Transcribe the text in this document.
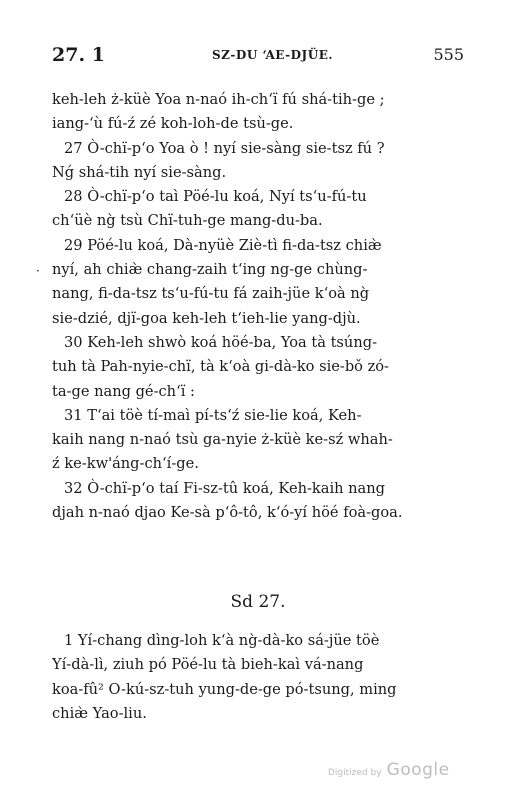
27. 1	SZ-DU ʻAE-DJÜE.	555
·
keh-leh ż-küè Yoa n-naó ih-chʻï fú shá-tih-ge ;
iang-ʻù fú-ź zé koh-loh-de tsù-ge.
27 Ò-chï-pʻo Yoa ò ! nyí sie-sàng sie-tsz fú ?
Nǵ shá-tih nyí sie-sàng.
28 Ò-chï-pʻo taì Pöé-lu koá, Nyí tsʻu-fú-tu
chʻüè ng̀ tsù Chï-tuh-ge mang-du-ba.
29 Pöé-lu koá, Dà-nyüè Ziè-tì fi-da-tsz chiæ̀
nyí, ah chiæ̀ chang-zaih tʻing ng-ge chùng-
nang, fi-da-tsz tsʻu-fú-tu fá zaih-jüe kʻoà ng̀
sie-dzié, djï-goa keh-leh tʻieh-lie yang-djù.
30 Keh-leh shwò koá höé-ba, Yoa tà tsúng-
tuh tà Pah-nyie-chï, tà kʻoà gi-dà-ko sie-bǒ zó-
ta-ge nang gé-chʻï :
31 Tʻai töè tí-maì pí-tsʻź sie-lie koá, Keh-
kaih nang n-naó tsù ga-nyie ż-küè ke-sź whah-
ź ke-kw'áng-chʻí-ge.
32 Ò-chï-pʻo taí Fi-sz-tû koá, Keh-kaih nang
djah n-naó djao Ke-sà pʻô-tô, kʻó-yí höé foà-goa.
Sd 27.
1 Yí-chang dìng-loh kʻà ng̀-dà-ko sá-jüe töè
Yí-dà-lì, ziuh pó Pöé-lu tà bieh-kaì vá-nang
koa-fû² O-kú-sz-tuh yung-de-ge pó-tsung, ming
chiæ̀ Yao-liu.
Digitized by Google
